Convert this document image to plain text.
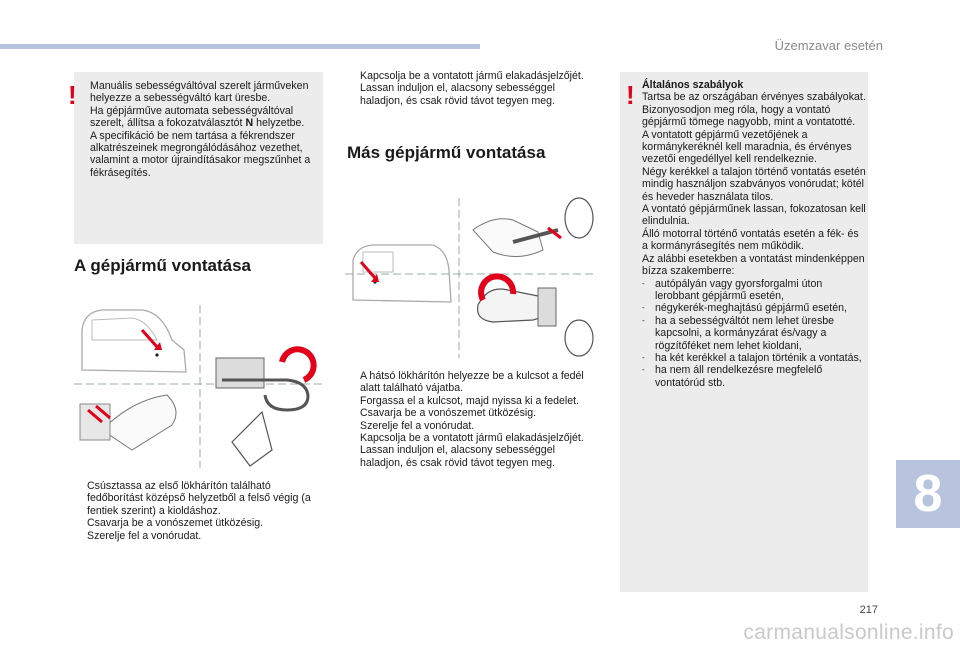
Üzemzavar esetén
! Manuális sebességváltóval szerelt járműveken helyezze a sebességváltó kart üresbe.

Ha gépjárműve automata sebességváltóval szerelt, állítsa a fokozatválasztót N helyzetbe.

A specifikáció be nem tartása a fékrendszer alkatrészeinek megrongálódásához vezethet, valamint a motor újraindításakor megszűnhet a fékrásegítés.

A gépjármű vontatása
Csúsztassa az első lökhárítón található fedőborítást középső helyzetből a felső végig (a fentiek szerint) a kioldáshoz.
Csavarja be a vonószemet ütközésig.
Szerelje fel a vonórudat.
Kapcsolja be a vontatott jármű elakadásjelzőjét.
Lassan induljon el, alacsony sebességgel haladjon, és csak rövid távot tegyen meg.
Más gépjármű vontatása
A hátsó lökhárítón helyezze be a kulcsot a fedél alatt található vájatba.
Forgassa el a kulcsot, majd nyissa ki a fedelet.
Csavarja be a vonószemet ütközésig.
Szerelje fel a vonórudat.
Kapcsolja be a vontatott jármű elakadásjelzőjét.
Lassan induljon el, alacsony sebességgel haladjon, és csak rövid távot tegyen meg.
! Általános szabályok

Tartsa be az országában érvényes szabályokat.

Bizonyosodjon meg róla, hogy a vontató gépjármű tömege nagyobb, mint a vontatotté.

A vontatott gépjármű vezetőjének a kormánykeréknél kell maradnia, és érvényes vezetői engedéllyel kell rendelkeznie.

Négy kerékkel a talajon történő vontatás esetén mindig használjon szabványos vonórudat; kötél és heveder használata tilos.

A vontató gépjárműnek lassan, fokozatosan kell elindulnia.

Álló motorral történő vontatás esetén a fék- és a kormányrásegítés nem működik.

Az alábbi esetekben a vontatást mindenképpen bízza szakemberre:

- autópályán vagy gyorsforgalmi úton lerobbant gépjármű esetén,
- négykerék-meghajtású gépjármű esetén,
- ha a sebességváltót nem lehet üresbe kapcsolni, a kormányzárat és/vagy a rögzítőféket nem lehet kioldani,
- ha két kerékkel a talajon történik a vontatás,
- ha nem áll rendelkezésre megfelelő vontatórúd stb.
8
217
carmanualsonline.info
